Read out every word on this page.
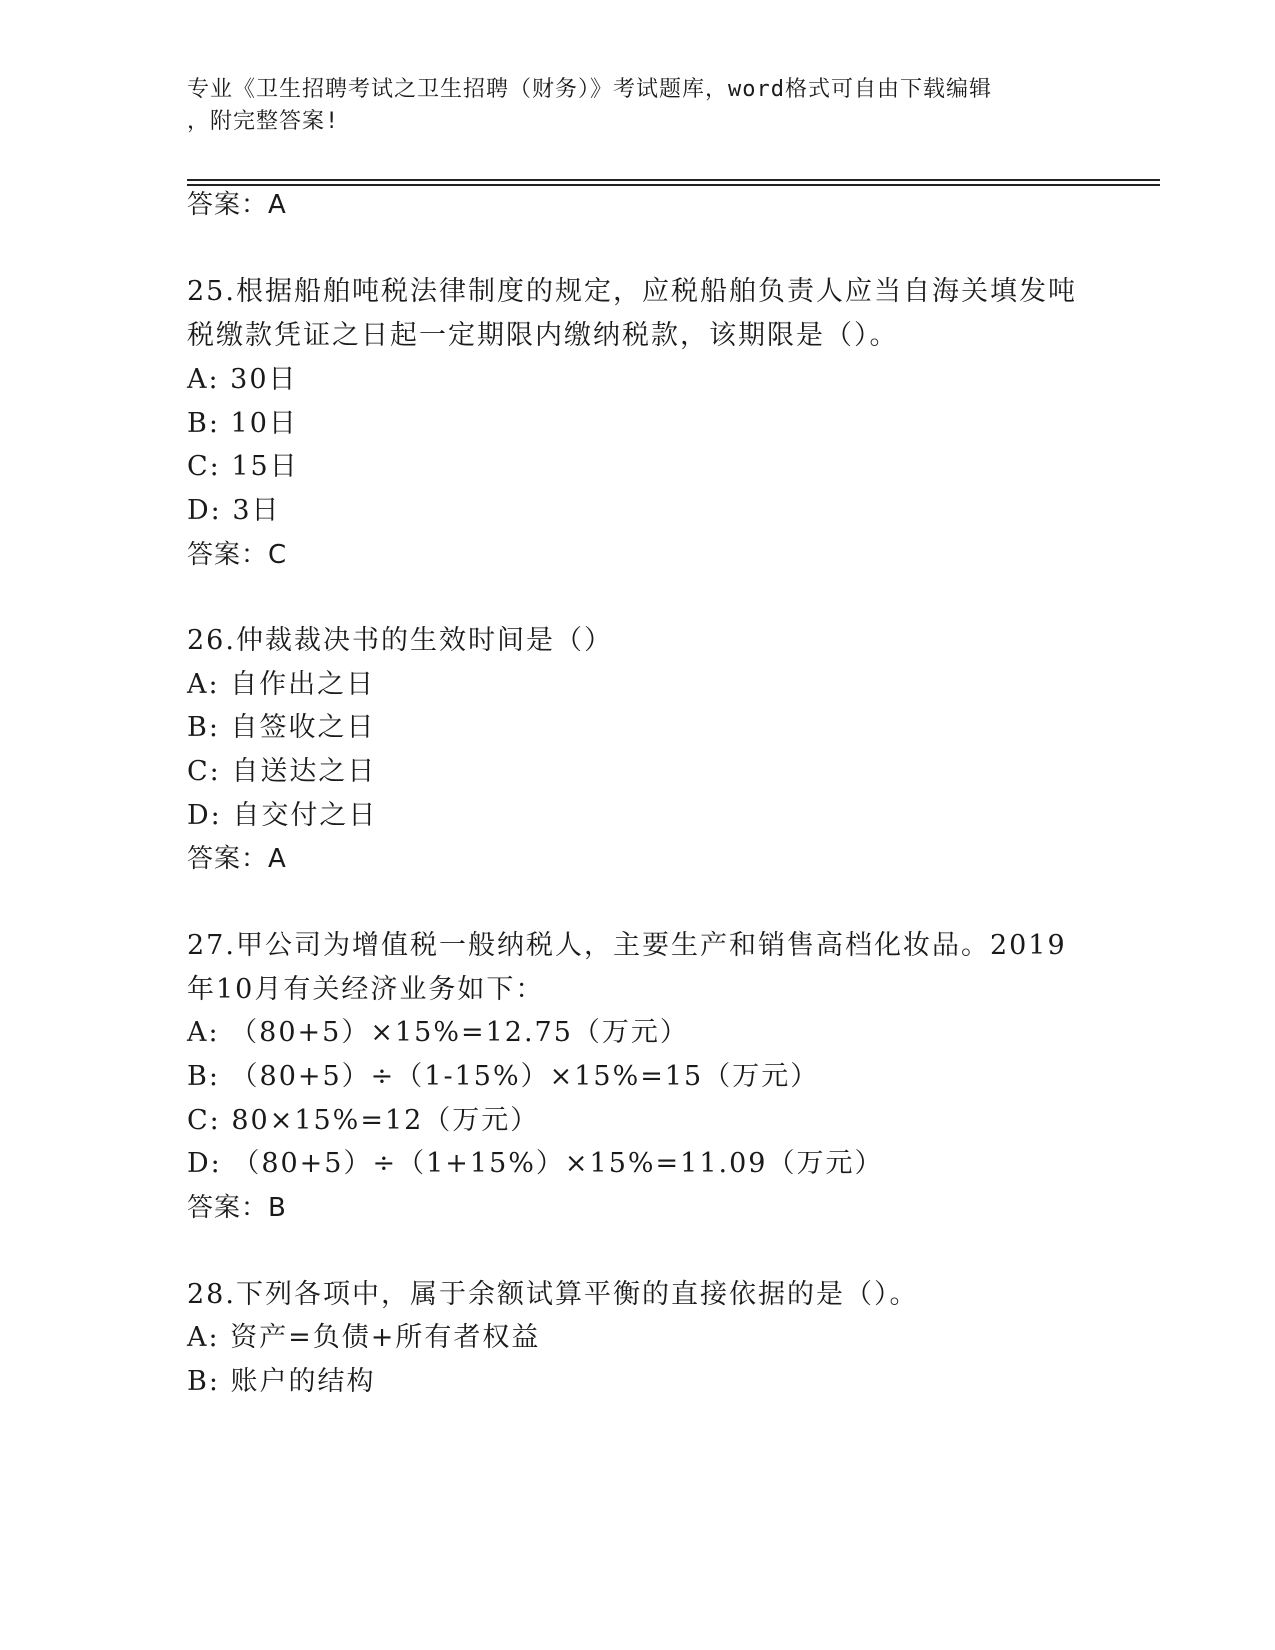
专业《卫生招聘考试之卫生招聘（财务）》考试题库，word格式可自由下载编辑
，附完整答案!
答案：A
25.根据船舶吨税法律制度的规定，应税船舶负责人应当自海关填发吨
税缴款凭证之日起一定期限内缴纳税款，该期限是（）。
A: 30日
B: 10日
C: 15日
D: 3日
答案：C
26.仲裁裁决书的生效时间是（）
A: 自作出之日
B: 自签收之日
C: 自送达之日
D: 自交付之日
答案：A
27.甲公司为增值税一般纳税人，主要生产和销售高档化妆品。2019
年10月有关经济业务如下：
A: （80+5）×15%=12.75（万元）
B: （80+5）÷（1-15%）×15%=15（万元）
C: 80×15%=12（万元）
D: （80+5）÷（1+15%）×15%=11.09（万元）
答案：B
28.下列各项中，属于余额试算平衡的直接依据的是（）。
A: 资产=负债+所有者权益
B: 账户的结构
